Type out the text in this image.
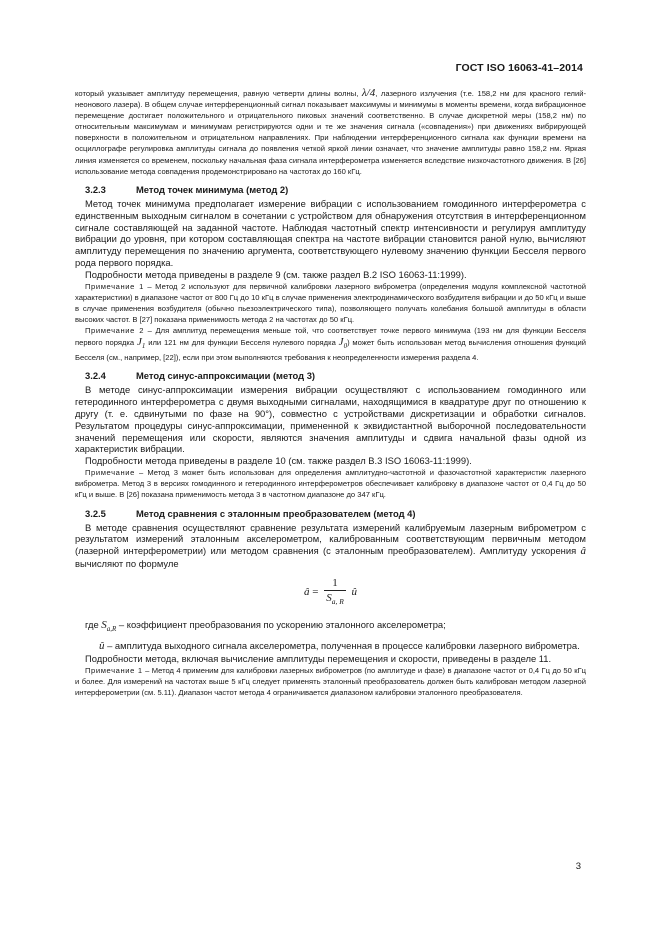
ГОСТ ISO 16063-41–2014

который указывает амплитуду перемещения, равную четверти длины волны, λ/4, лазерного излучения (т.е. 158,2 нм для красного гелий-неонового лазера). В общем случае интерференционный сигнал показывает максимумы и минимумы в моменты времени, когда вибрационное перемещение достигает положительного и отрицательного пиковых значений соответственно. В случае дискретной меры (158,2 нм) по относительным максимумам и минимумам регистрируются одни и те же значения сигнала («совпадения») при движениях вибрирующей поверхности в положительном и отрицательном направлениях. При наблюдении интерференционного сигнала как функции времени на осциллографе регулировка амплитуды сигнала до появления четкой яркой линии означает, что значение амплитуды равно 158,2 нм. Яркая линия изменяется со временем, поскольку начальная фаза сигнала интерферометра изменяется вследствие низкочастотного движения. В [26] использование метода совпадения продемонстрировано на частотах до 160 кГц.

3.2.3	Метод точек минимума (метод 2)

Метод точек минимума предполагает измерение вибрации с использованием гомодинного интерферометра с единственным выходным сигналом в сочетании с устройством для обнаружения отсутствия в интерференционном сигнале составляющей на заданной частоте. Наблюдая частотный спектр интенсивности и регулируя амплитуду вибрации до уровня, при котором составляющая спектра на частоте вибрации становится раной нулю, вычисляют амплитуду перемещения по значению аргумента, соответствующего нулевому значению функции Бесселя первого рода первого порядка.

Подробности метода приведены в разделе 9 (см. также раздел B.2 ISO 16063-11:1999).

Примечание 1 – Метод 2 используют для первичной калибровки лазерного виброметра (определения модуля комплексной частотной характеристики) в диапазоне частот от 800 Гц до 10 кГц в случае применения электродинамического возбудителя вибрации и до 50 кГц и выше в случае применения возбудителя (обычно пьезоэлектрического типа), позволяющего получать колебания большой амплитуды в области высоких частот. В [27] показана применимость метода 2 на частотах до 50 кГц.

Примечание 2 – Для амплитуд перемещения меньше той, что соответствует точке первого минимума (193 нм для функции Бесселя первого порядка $J_1$ или 121 нм для функции Бесселя нулевого порядка $J_0$) может быть использован метод вычисления отношения функций Бесселя (см., например, [22]), если при этом выполняются требования к неопределенности измерения раздела 4.

3.2.4	Метод синус-аппроксимации (метод 3)

В методе синус-аппроксимации измерения вибрации осуществляют с использованием гомодинного или гетеродинного интерферометра с двумя выходными сигналами, находящимися в квадратуре друг по отношению к другу (т. е. сдвинутыми по фазе на 90°), совместно с устройствами дискретизации и обработки сигналов. Результатом процедуры синус-аппроксимации, примененной к эквидистантной выборочной последовательности значений перемещения или скорости, являются значения амплитуды и сдвига начальной фазы одной из характеристик вибрации.

Подробности метода приведены в разделе 10 (см. также раздел B.3 ISO 16063-11:1999).

Примечание – Метод 3 может быть использован для определения амплитудно-частотной и фазочастотной характеристик лазерного виброметра. Метод 3 в версиях гомодинного и гетеродинного интерферометров обеспечивает калибровку в диапазоне частот от 0,4 Гц до 50 кГц и выше. В [26] показана применимость метода 3 в частотном диапазоне до 347 кГц.

3.2.5	Метод сравнения с эталонным преобразователем (метод 4)

В методе сравнения осуществляют сравнение результата измерений калибруемым лазерным виброметром с результатом измерений эталонным акселерометром, калиброванным соответствующим первичным методом (лазерной интерферометрии) или методом сравнения (с эталонным преобразователем). Амплитуду ускорения â вычисляют по формуле

â = $\frac{1}{S_{a, R}}$ û

где $S_{a,R}$ – коэффициент преобразования по ускорению эталонного акселерометра;

û – амплитуда выходного сигнала акселерометра, полученная в процессе калибровки лазерного виброметра.

Подробности метода, включая вычисление амплитуды перемещения и скорости, приведены в разделе 11.

Примечание 1 – Метод 4 применим для калибровки лазерных виброметров (по амплитуде и фазе) в диапазоне частот от 0,4 Гц до 50 кГц и более. Для измерений на частотах выше 5 кГц следует применять эталонный преобразователь должен быть калиброван методом лазерной интерферометрии (см. 5.11). Диапазон частот метода 4 ограничивается диапазоном калибровки эталонного преобразователя.

3
